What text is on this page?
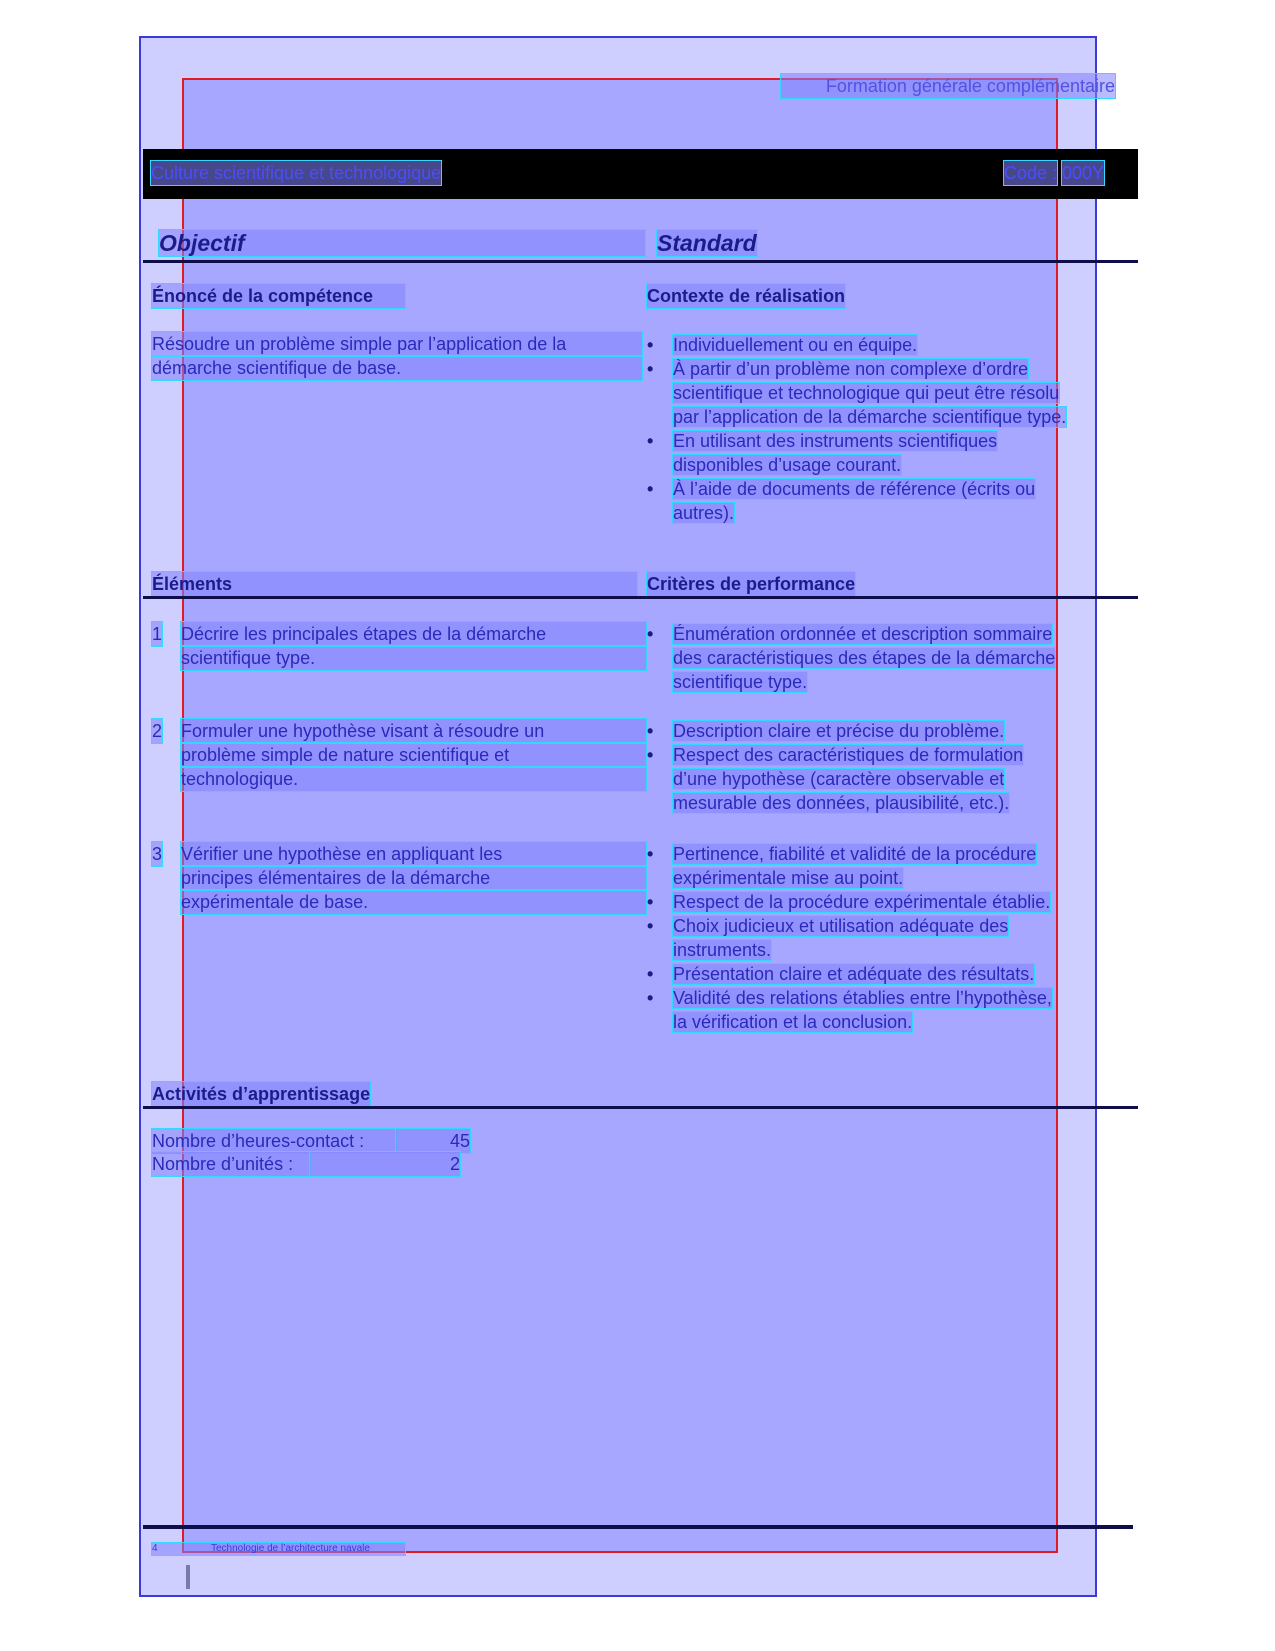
Formation générale complémentaire
Culture scientifique et technologique	Code : 000Y
Objectif	Standard
Énoncé de la compétence
Résoudre un problème simple par l’application de la
démarche scientifique de base.
Contexte de réalisation
• Individuellement ou en équipe.
• À partir d’un problème non complexe d’ordre
scientifique et technologique qui peut être résolu
par l’application de la démarche scientifique type.
• En utilisant des instruments scientifiques
disponibles d’usage courant.
• À l’aide de documents de référence (écrits ou
autres).
Éléments	Critères de performance
1 Décrire les principales étapes de la démarche
scientifique type.
• Énumération ordonnée et description sommaire
des caractéristiques des étapes de la démarche
scientifique type.
2 Formuler une hypothèse visant à résoudre un
problème simple de nature scientifique et
technologique.
• Description claire et précise du problème.
• Respect des caractéristiques de formulation
d’une hypothèse (caractère observable et
mesurable des données, plausibilité, etc.).
3 Vérifier une hypothèse en appliquant les
principes élémentaires de la démarche
expérimentale de base.
• Pertinence, fiabilité et validité de la procédure
expérimentale mise au point.
• Respect de la procédure expérimentale établie.
• Choix judicieux et utilisation adéquate des
instruments.
• Présentation claire et adéquate des résultats.
• Validité des relations établies entre l’hypothèse,
la vérification et la conclusion.
Activités d’apprentissage
Nombre d’heures-contact :	45
Nombre d’unités :	2
4	Technologie de l’architecture navale
